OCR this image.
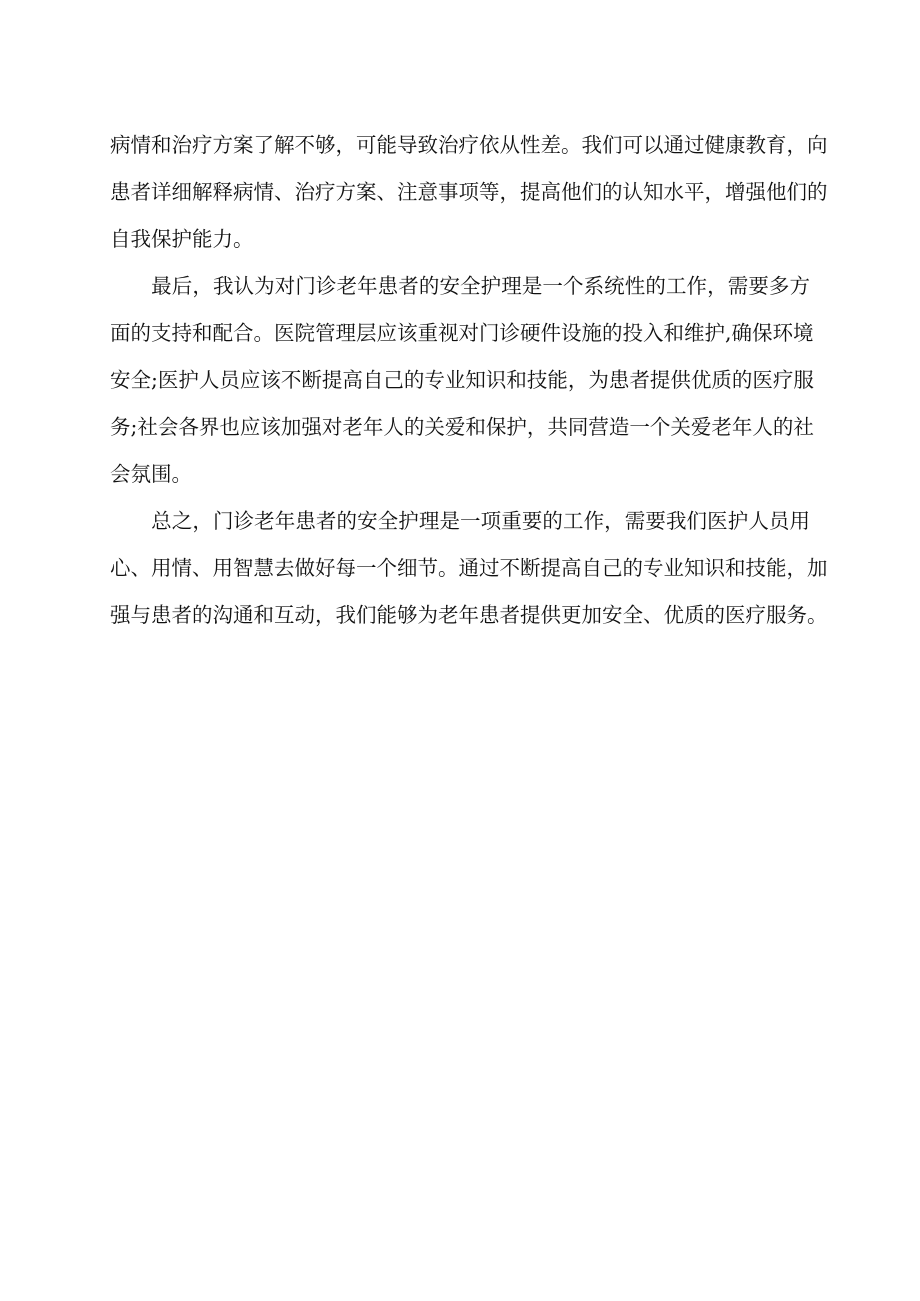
病情和治疗方案了解不够，可能导致治疗依从性差。我们可以通过健康教育，向
患者详细解释病情、治疗方案、注意事项等，提高他们的认知水平，增强他们的
自我保护能力。

　　最后，我认为对门诊老年患者的安全护理是一个系统性的工作，需要多方
面的支持和配合。医院管理层应该重视对门诊硬件设施的投入和维护,确保环境
安全;医护人员应该不断提高自己的专业知识和技能，为患者提供优质的医疗服
务;社会各界也应该加强对老年人的关爱和保护，共同营造一个关爱老年人的社
会氛围。

　　总之，门诊老年患者的安全护理是一项重要的工作，需要我们医护人员用
心、用情、用智慧去做好每一个细节。通过不断提高自己的专业知识和技能，加
强与患者的沟通和互动，我们能够为老年患者提供更加安全、优质的医疗服务。
